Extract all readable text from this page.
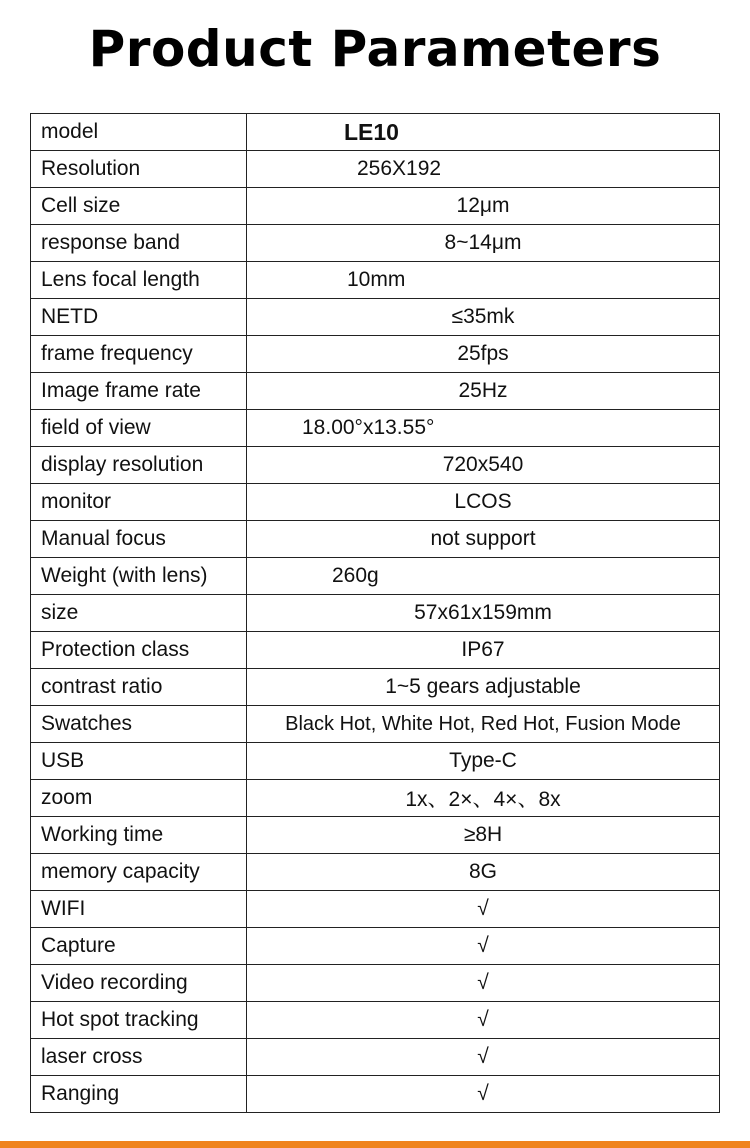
Product Parameters
model	LE10
Resolution	256X192
Cell size	12μm
response band	8~14μm
Lens focal length	10mm
NETD	≤35mk
frame frequency	25fps
Image frame rate	25Hz
field of view	18.00°x13.55°
display resolution	720x540
monitor	LCOS
Manual focus	not support
Weight (with lens)	260g
size	57x61x159mm
Protection class	IP67
contrast ratio	1~5 gears adjustable
Swatches	Black Hot, White Hot, Red Hot, Fusion Mode
USB	Type-C
zoom	1x、2×、4×、8x
Working time	≥8H
memory capacity	8G
WIFI	√
Capture	√
Video recording	√
Hot spot tracking	√
laser cross	√
Ranging	√
